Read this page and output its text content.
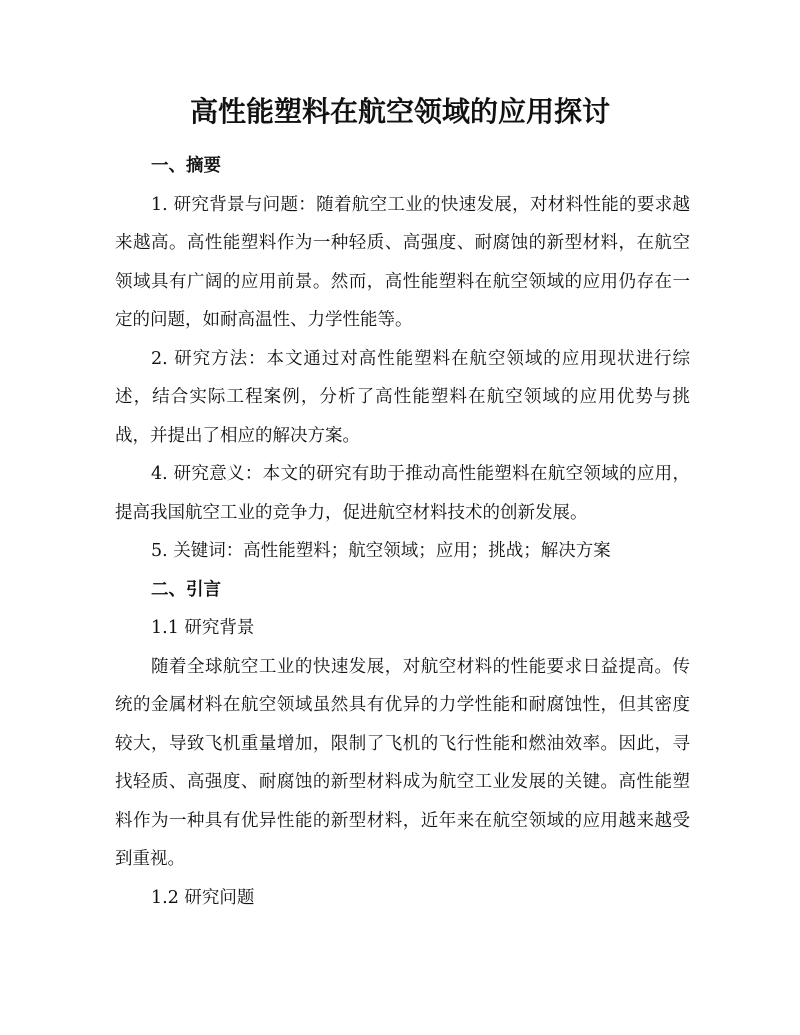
高性能塑料在航空领域的应用探讨

一、摘要

1. 研究背景与问题：随着航空工业的快速发展，对材料性能的要求越来越高。高性能塑料作为一种轻质、高强度、耐腐蚀的新型材料，在航空领域具有广阔的应用前景。然而，高性能塑料在航空领域的应用仍存在一定的问题，如耐高温性、力学性能等。

2. 研究方法：本文通过对高性能塑料在航空领域的应用现状进行综述，结合实际工程案例，分析了高性能塑料在航空领域的应用优势与挑战，并提出了相应的解决方案。

4. 研究意义：本文的研究有助于推动高性能塑料在航空领域的应用，提高我国航空工业的竞争力，促进航空材料技术的创新发展。

5. 关键词：高性能塑料；航空领域；应用；挑战；解决方案

二、引言

1.1 研究背景

随着全球航空工业的快速发展，对航空材料的性能要求日益提高。传统的金属材料在航空领域虽然具有优异的力学性能和耐腐蚀性，但其密度较大，导致飞机重量增加，限制了飞机的飞行性能和燃油效率。因此，寻找轻质、高强度、耐腐蚀的新型材料成为航空工业发展的关键。高性能塑料作为一种具有优异性能的新型材料，近年来在航空领域的应用越来越受到重视。

1.2 研究问题
